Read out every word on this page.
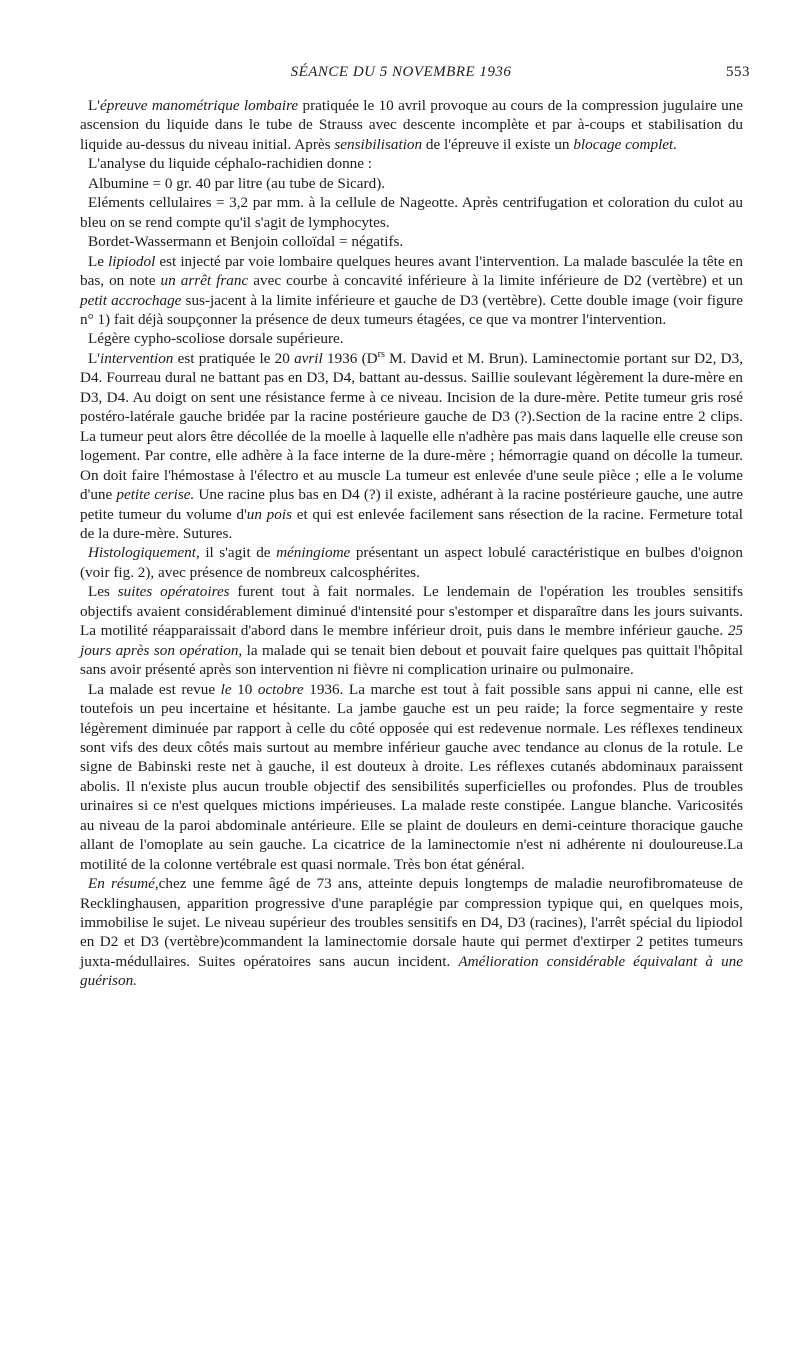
SÉANCE DU 5 NOVEMBRE 1936	553

L'épreuve manométrique lombaire pratiquée le 10 avril provoque au cours de la compression jugulaire une ascension du liquide dans le tube de Strauss avec descente incomplète et par à-coups et stabilisation du liquide au-dessus du niveau initial. Après sensibilisation de l'épreuve il existe un blocage complet.

L'analyse du liquide céphalo-rachidien donne :

Albumine = 0 gr. 40 par litre (au tube de Sicard).

Eléments cellulaires = 3,2 par mm. à la cellule de Nageotte. Après centrifugation et coloration du culot au bleu on se rend compte qu'il s'agit de lymphocytes.

Bordet-Wassermann et Benjoin colloïdal = négatifs.

Le lipiodol est injecté par voie lombaire quelques heures avant l'intervention. La malade basculée la tête en bas, on note un arrêt franc avec courbe à concavité inférieure à la limite inférieure de D2 (vertèbre) et un petit accrochage sus-jacent à la limite inférieure et gauche de D3 (vertèbre). Cette double image (voir figure n° 1) fait déjà soupçonner la présence de deux tumeurs étagées, ce que va montrer l'intervention.

Légère cypho-scoliose dorsale supérieure.

L'intervention est pratiquée le 20 avril 1936 ($D^{rs}$ M. David et M. Brun). Laminectomie portant sur D2, D3, D4. Fourreau dural ne battant pas en D3, D4, battant au-dessus. Saillie soulevant légèrement la dure-mère en D3, D4. Au doigt on sent une résistance ferme à ce niveau. Incision de la dure-mère. Petite tumeur gris rosé postéro-latérale gauche bridée par la racine postérieure gauche de D3 (?).Section de la racine entre 2 clips. La tumeur peut alors être décollée de la moelle à laquelle elle n'adhère pas mais dans laquelle elle creuse son logement. Par contre, elle adhère à la face interne de la dure-mère ; hémorragie quand on décolle la tumeur. On doit faire l'hémostase à l'électro et au muscle La tumeur est enlevée d'une seule pièce ; elle a le volume d'une petite cerise. Une racine plus bas en D4 (?) il existe, adhérant à la racine postérieure gauche, une autre petite tumeur du volume d'un pois et qui est enlevée facilement sans résection de la racine. Fermeture total de la dure-mère. Sutures.

Histologiquement, il s'agit de méningiome présentant un aspect lobulé caractéristique en bulbes d'oignon (voir fig. 2), avec présence de nombreux calcosphérites.

Les suites opératoires furent tout à fait normales. Le lendemain de l'opération les troubles sensitifs objectifs avaient considérablement diminué d'intensité pour s'estomper et disparaître dans les jours suivants. La motilité réapparaissait d'abord dans le membre inférieur droit, puis dans le membre inférieur gauche. 25 jours après son opération, la malade qui se tenait bien debout et pouvait faire quelques pas quittait l'hôpital sans avoir présenté après son intervention ni fièvre ni complication urinaire ou pulmonaire.

La malade est revue le 10 octobre 1936. La marche est tout à fait possible sans appui ni canne, elle est toutefois un peu incertaine et hésitante. La jambe gauche est un peu raide; la force segmentaire y reste légèrement diminuée par rapport à celle du côté opposée qui est redevenue normale. Les réflexes tendineux sont vifs des deux côtés mais surtout au membre inférieur gauche avec tendance au clonus de la rotule. Le signe de Babinski reste net à gauche, il est douteux à droite. Les réflexes cutanés abdominaux paraissent abolis. Il n'existe plus aucun trouble objectif des sensibilités superficielles ou profondes. Plus de troubles urinaires si ce n'est quelques mictions impérieuses. La malade reste constipée. Langue blanche. Varicosités au niveau de la paroi abdominale antérieure. Elle se plaint de douleurs en demi-ceinture thoracique gauche allant de l'omoplate au sein gauche. La cicatrice de la laminectomie n'est ni adhérente ni douloureuse.La motilité de la colonne vertébrale est quasi normale. Très bon état général.

En résumé,chez une femme âgé de 73 ans, atteinte depuis longtemps de maladie neurofibromateuse de Recklinghausen, apparition progressive d'une paraplégie par compression typique qui, en quelques mois, immobilise le sujet. Le niveau supérieur des troubles sensitifs en D4, D3 (racines), l'arrêt spécial du lipiodol en D2 et D3 (vertèbre)commandent la laminectomie dorsale haute qui permet d'extirper 2 petites tumeurs juxta-médullaires. Suites opératoires sans aucun incident. Amélioration considérable équivalant à une guérison.
